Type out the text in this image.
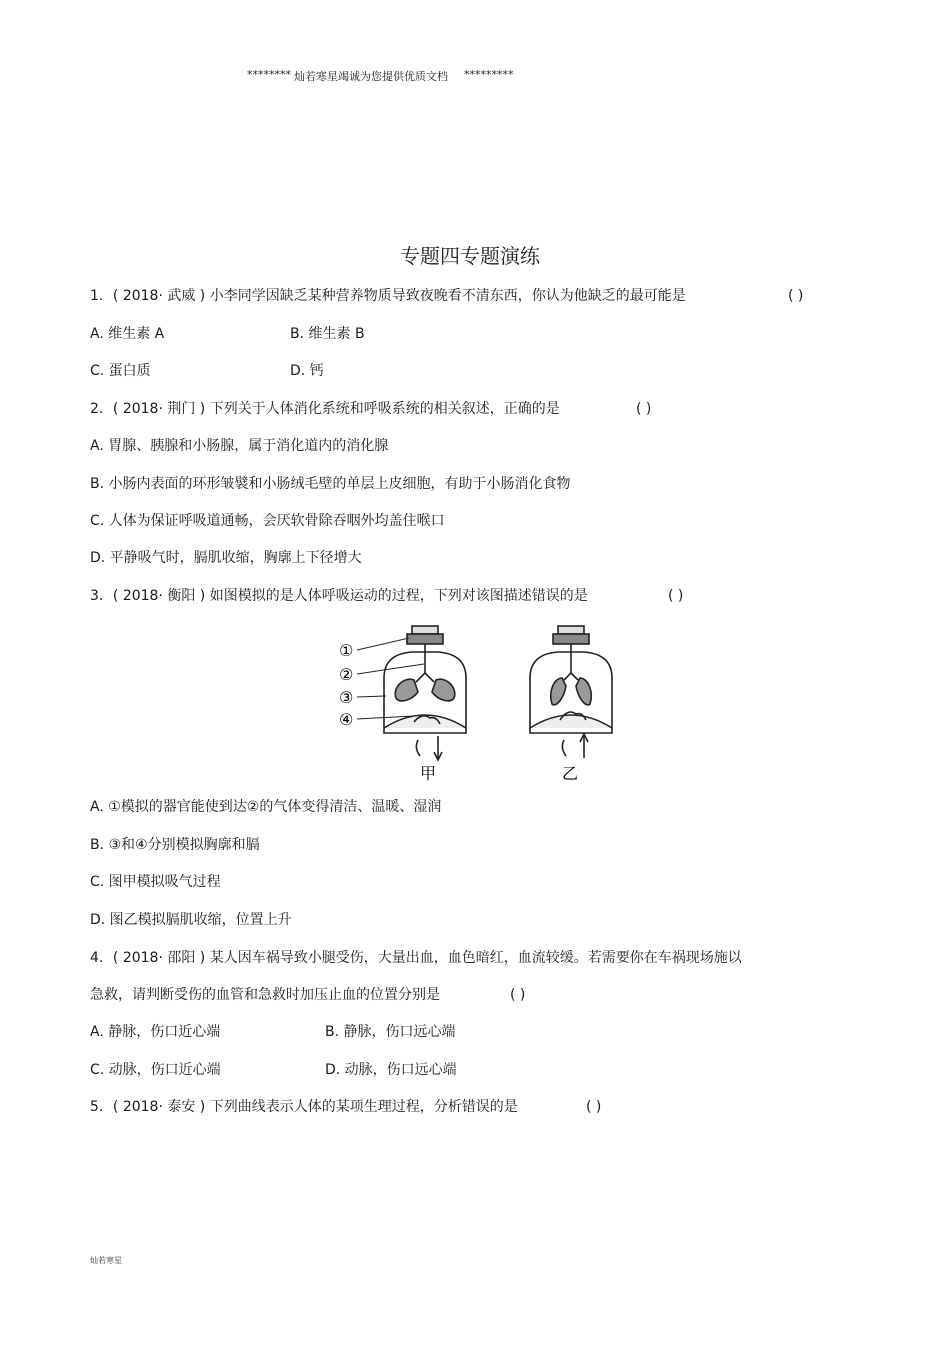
******** 灿若寒星竭诚为您提供优质文档 *********
专题四专题演练
1．( 2018· 武威 ) 小李同学因缺乏某种营养物质导致夜晚看不清东西，你认为他缺乏的最可能是	( )
A. 维生素 A	B. 维生素 B
C. 蛋白质	D. 钙
2．( 2018· 荆门 ) 下列关于人体消化系统和呼吸系统的相关叙述，正确的是	( )
A. 胃腺、胰腺和小肠腺，属于消化道内的消化腺
B. 小肠内表面的环形皱襞和小肠绒毛壁的单层上皮细胞，有助于小肠消化食物
C. 人体为保证呼吸道通畅，会厌软骨除吞咽外均盖住喉口
D. 平静吸气时，膈肌收缩，胸廓上下径增大
3．( 2018· 衡阳 ) 如图模拟的是人体呼吸运动的过程，下列对该图描述错误的是	( )
①
②
③
④
甲	乙
A. ①模拟的器官能使到达②的气体变得清洁、温暖、湿润
B. ③和④分别模拟胸廓和膈
C. 图甲模拟吸气过程
D. 图乙模拟膈肌收缩，位置上升
4．( 2018· 邵阳 ) 某人因车祸导致小腿受伤，大量出血，血色暗红，血流较缓。若需要你在车祸现场施以
急救，请判断受伤的血管和急救时加压止血的位置分别是	( )
A. 静脉，伤口近心端	B. 静脉，伤口远心端
C. 动脉，伤口近心端	D. 动脉，伤口远心端
5．( 2018· 泰安 ) 下列曲线表示人体的某项生理过程，分析错误的是	( )
灿若寒星
